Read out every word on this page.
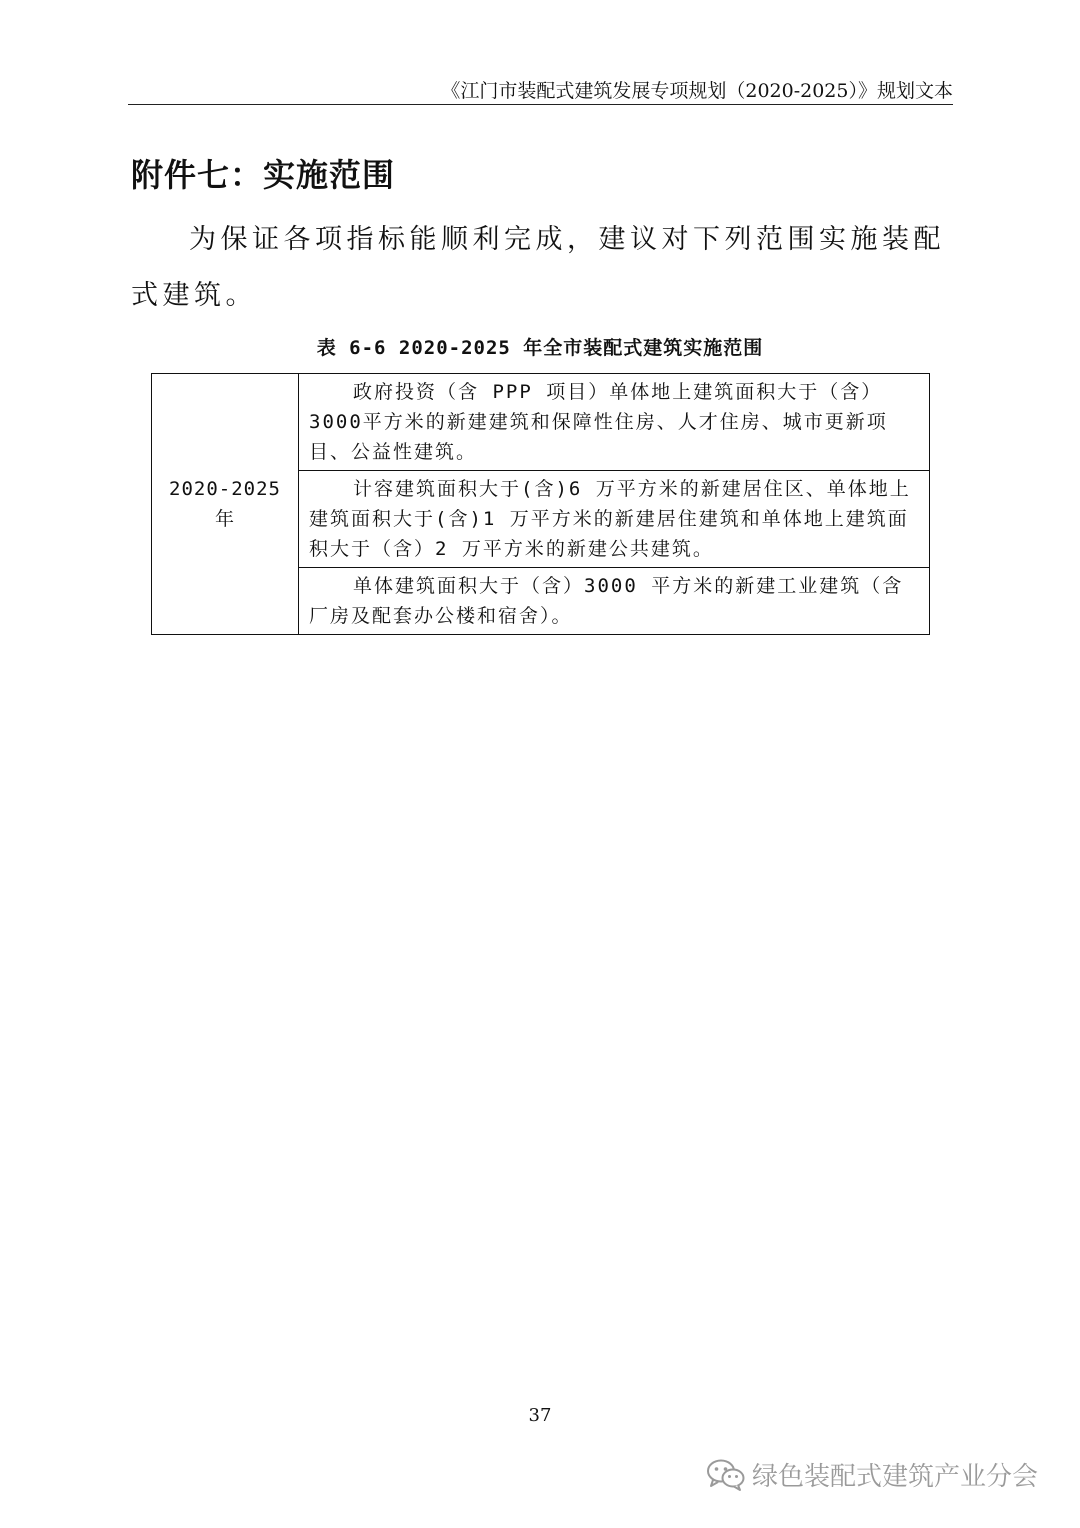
《江门市装配式建筑发展专项规划（2020-2025）》规划文本
附件七：实施范围
为保证各项指标能顺利完成，建议对下列范围实施装配式建筑。
表 6-6 2020-2025 年全市装配式建筑实施范围
2020-2025
年
	政府投资（含 PPP 项目）单体地上建筑面积大于（含）3000平方米的新建建筑和保障性住房、人才住房、城市更新项目、公益性建筑。
计容建筑面积大于(含)6 万平方米的新建居住区、单体地上建筑面积大于(含)1 万平方米的新建居住建筑和单体地上建筑面积大于（含）2 万平方米的新建公共建筑。
单体建筑面积大于（含）3000 平方米的新建工业建筑（含厂房及配套办公楼和宿舍）。
37
绿色装配式建筑产业分会
